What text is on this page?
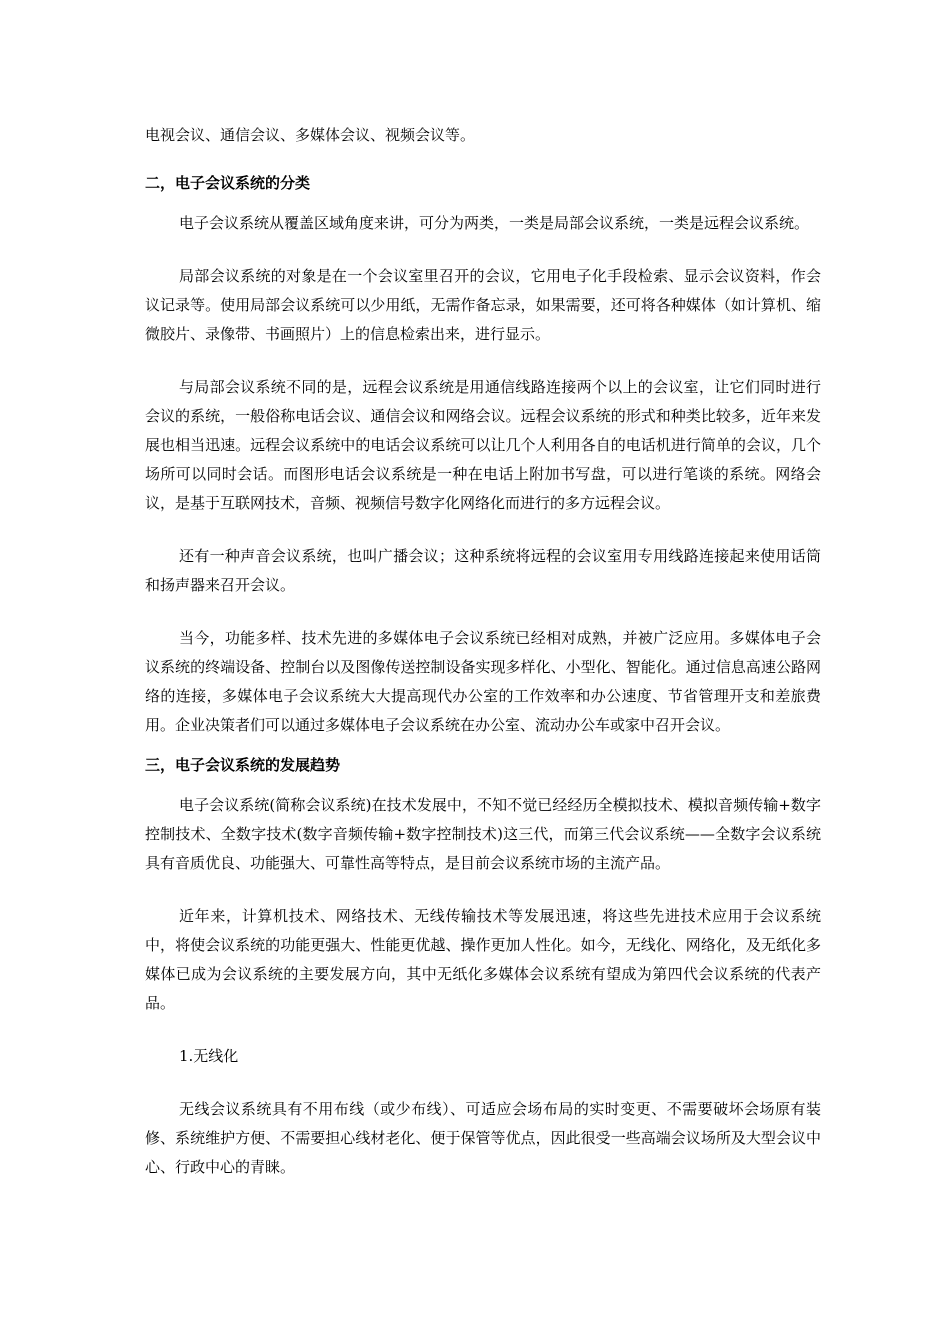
电视会议、通信会议、多媒体会议、视频会议等。

二，电子会议系统的分类

电子会议系统从覆盖区域角度来讲，可分为两类，一类是局部会议系统，一类是远程会议系统。

局部会议系统的对象是在一个会议室里召开的会议，它用电子化手段检索、显示会议资料，作会议记录等。使用局部会议系统可以少用纸，无需作备忘录，如果需要，还可将各种媒体（如计算机、缩微胶片、录像带、书画照片）上的信息检索出来，进行显示。

与局部会议系统不同的是，远程会议系统是用通信线路连接两个以上的会议室，让它们同时进行会议的系统，一般俗称电话会议、通信会议和网络会议。远程会议系统的形式和种类比较多，近年来发展也相当迅速。远程会议系统中的电话会议系统可以让几个人利用各自的电话机进行简单的会议，几个场所可以同时会话。而图形电话会议系统是一种在电话上附加书写盘，可以进行笔谈的系统。网络会议，是基于互联网技术，音频、视频信号数字化网络化而进行的多方远程会议。

还有一种声音会议系统，也叫广播会议；这种系统将远程的会议室用专用线路连接起来使用话筒和扬声器来召开会议。

当今，功能多样、技术先进的多媒体电子会议系统已经相对成熟，并被广泛应用。多媒体电子会议系统的终端设备、控制台以及图像传送控制设备实现多样化、小型化、智能化。通过信息高速公路网络的连接，多媒体电子会议系统大大提高现代办公室的工作效率和办公速度、节省管理开支和差旅费用。企业决策者们可以通过多媒体电子会议系统在办公室、流动办公车或家中召开会议。

三，电子会议系统的发展趋势

电子会议系统(简称会议系统)在技术发展中，不知不觉已经经历全模拟技术、模拟音频传输+数字控制技术、全数字技术(数字音频传输+数字控制技术)这三代，而第三代会议系统——全数字会议系统具有音质优良、功能强大、可靠性高等特点，是目前会议系统市场的主流产品。

近年来，计算机技术、网络技术、无线传输技术等发展迅速，将这些先进技术应用于会议系统中，将使会议系统的功能更强大、性能更优越、操作更加人性化。如今，无线化、网络化，及无纸化多媒体已成为会议系统的主要发展方向，其中无纸化多媒体会议系统有望成为第四代会议系统的代表产品。

1.无线化

无线会议系统具有不用布线（或少布线）、可适应会场布局的实时变更、不需要破坏会场原有装修、系统维护方便、不需要担心线材老化、便于保管等优点，因此很受一些高端会议场所及大型会议中心、行政中心的青睐。
